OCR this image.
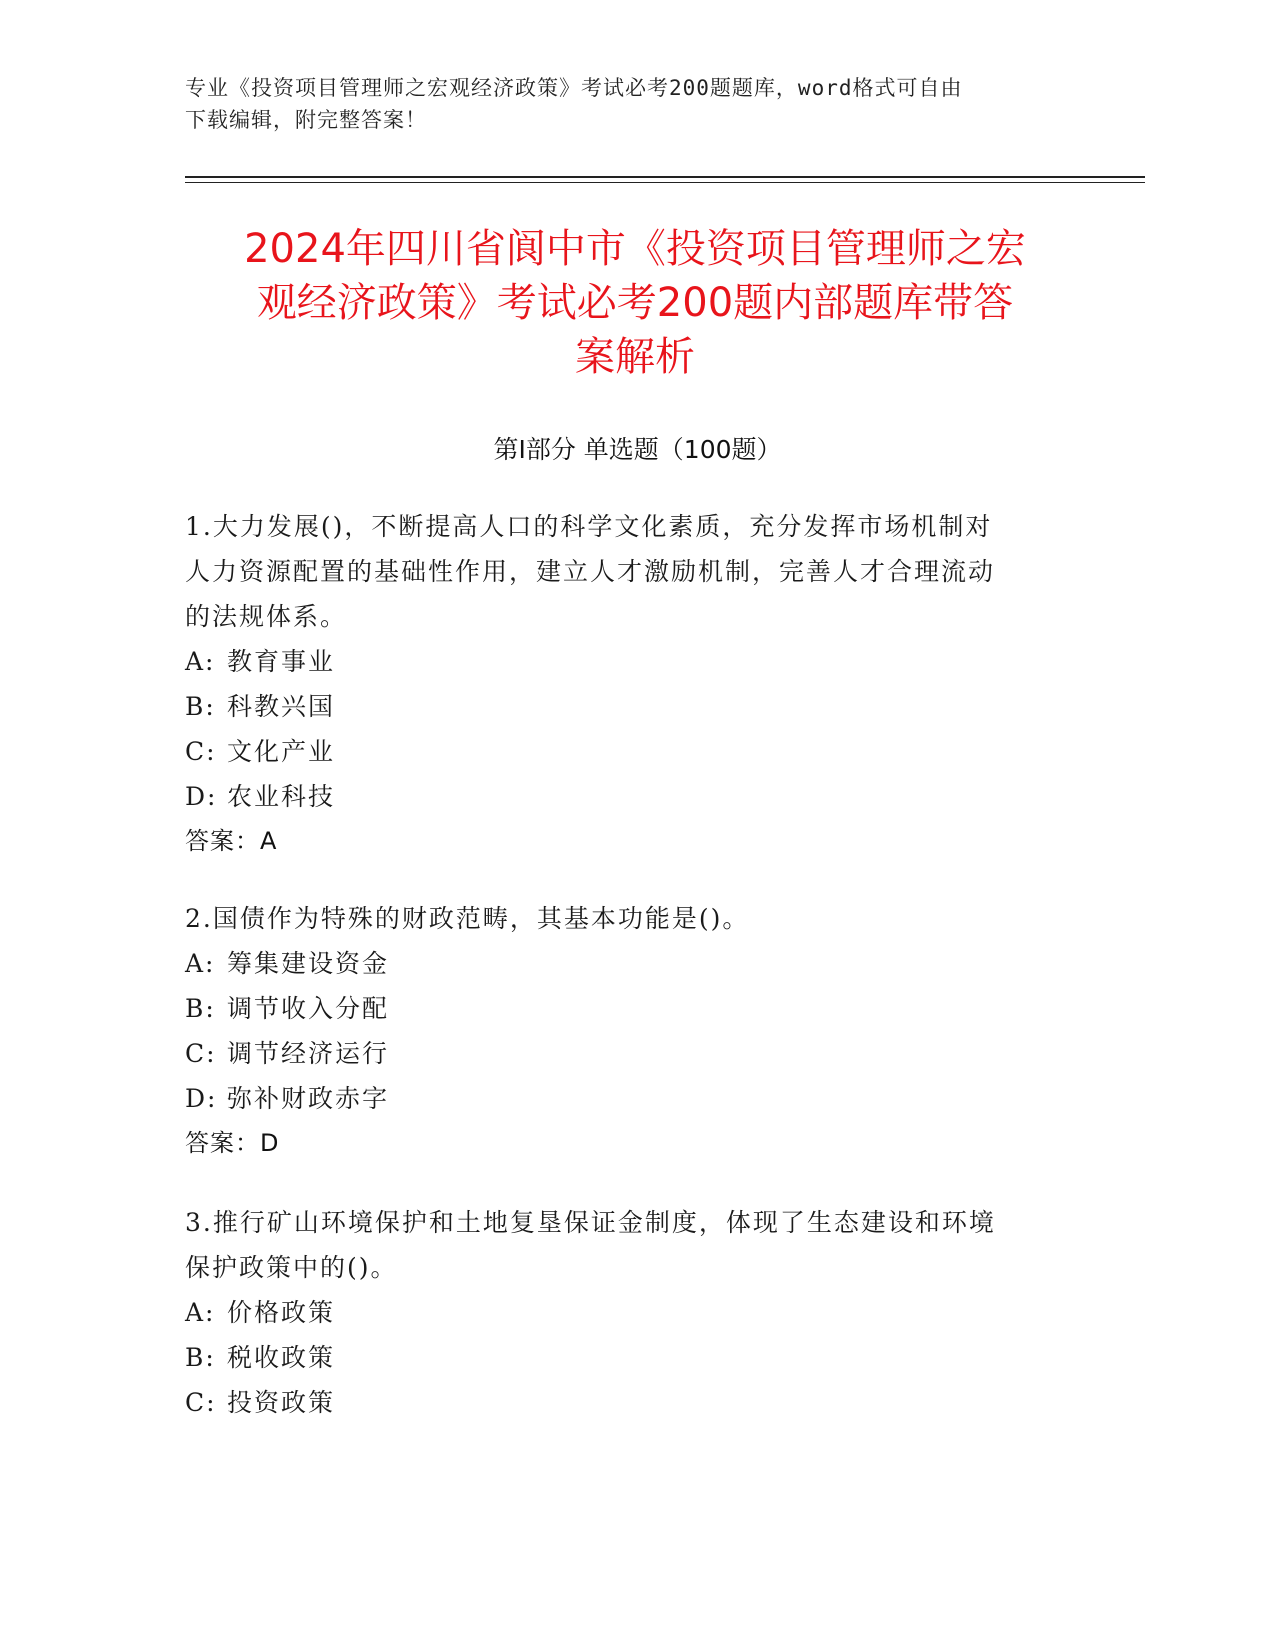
专业《投资项目管理师之宏观经济政策》考试必考200题题库，word格式可自由
下载编辑，附完整答案！
2024年四川省阆中市《投资项目管理师之宏
观经济政策》考试必考200题内部题库带答
案解析
第Ⅰ部分 单选题（100题）

1.大力发展()，不断提高人口的科学文化素质，充分发挥市场机制对

人力资源配置的基础性作用，建立人才激励机制，完善人才合理流动

的法规体系。

A: 教育事业

B: 科教兴国

C: 文化产业

D: 农业科技

答案：A

2.国债作为特殊的财政范畴，其基本功能是()。

A: 筹集建设资金

B: 调节收入分配

C: 调节经济运行

D: 弥补财政赤字

答案：D

3.推行矿山环境保护和土地复垦保证金制度，体现了生态建设和环境

保护政策中的()。

A: 价格政策

B: 税收政策

C: 投资政策
